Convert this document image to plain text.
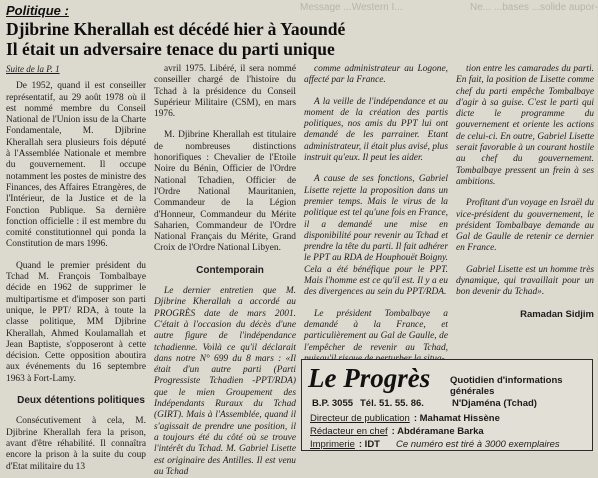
Message ...Western I...	Ne... ...bases ...solide aupor-
Politique :
Djibrine Kherallah est décédé hier à Yaoundé
Il était un adversaire tenace du parti unique
Suite de la P. 1

De 1952, quand il est conseiller représentatif, au 29 août 1978 où il est nommé membre du Conseil National de l'Union issu de la Charte Fondamentale, M. Djibrine Kherallah sera plusieurs fois député à l'Assemblée Nationale et membre du gouvernement. Il occupe notamment les postes de ministre des Finances, des Affaires Etrangères, de l'Intérieur, de la Justice et de la Fonction Publique. Sa dernière fonction officielle : il est membre du comité constitutionnel qui ponda la Constitution de mars 1996.

Quand le premier président du Tchad M. François Tombalbaye décide en 1962 de supprimer le multipartisme et d'imposer son parti unique, le PPT/ RDA, à toute la classe politique, MM Djibrine Kherallah, Ahmed Koulamallah et Jean Baptiste, s'opposeront à cette décision. Cette opposition aboutira aux événements du 16 septembre 1963 à Fort-Lamy.

Deux détentions politiques

Consécutivement à cela, M. Djibrine Kherallah fera la prison, avant d'être réhabilité. Il connaîtra encore la prison à la suite du coup d'Etat militaire du 13

avril 1975. Libéré, il sera nommé conseiller chargé de l'histoire du Tchad à la présidence du Conseil Supérieur Militaire (CSM), en mars 1976.

M. Djibrine Kherallah est titulaire de nombreuses distinctions honorifiques : Chevalier de l'Etoile Noire du Bénin, Officier de l'Ordre National Tchadien, Officier de l'Ordre National Mauritanien, Commandeur de la Légion d'Honneur, Commandeur du Mérite Saharien, Commandeur de l'Ordre National Français du Mérite, Grand Croix de l'Ordre National Libyen.

Contemporain

Le dernier entretien que M. Djibrine Kherallah a accordé au PROGRÈS date de mars 2001. C'était à l'occasion du décès d'une autre figure de l'indépendance tchadienne. Voilà ce qu'il déclarait dans notre N° 699 du 8 mars : «Il était d'un autre parti (Parti Progressiste Tchadien -PPT/RDA) que le mien Groupement des Indépendants Ruraux du Tchad (GIRT). Mais à l'Assemblée, quand il s'agissait de prendre une position, il a toujours été du côté où se trouve l'intérêt du Tchad. M. Gabriel Lisette est originaire des Antilles. Il est venu au Tchad

comme administrateur au Logone, affecté par la France.

A la veille de l'indépendance et au moment de la création des partis politiques, nos amis du PPT lui ont demandé de les parrainer. Etant administrateur, il était plus avisé, plus instruit qu'eux. Il peut les aider.

A cause de ses fonctions, Gabriel Lisette rejette la proposition dans un premier temps. Mais le virus de la politique est tel qu'une fois en France, il a demandé une mise en disponibilité pour revenir au Tchad et prendre la tête du parti. Il fait adhérer le PPT au RDA de Houphouët Boigny. Cela a été bénéfique pour le PPT. Mais l'homme est ce qu'il est. Il y a eu des divergences au sein du PPT/RDA.

Le président Tombalbaye a demandé à la France, et particulièrement au Gal de Gaulle, de l'empêcher de revenir au Tchad,

tion entre les camarades du parti. En fait, la position de Lisette comme chef du parti empêche Tombalbaye d'agir à sa guise. C'est le parti qui dicte le programme du gouvernement et oriente les actions de celui-ci. En outre, Gabriel Lisette serait favorable à un courant hostile au chef du gouvernement. Tombalbaye pressent un frein à ses ambitions.

Profitant d'un voyage en Israël du vice-président du gouvernement, le président Tombalbaye demande au Gal de Gaulle de retenir ce dernier en France.

Gabriel Lisette est un homme très dynamique, qui travaillait pour un bon devenir du Tchad».

Ramadan Sidjim

Le Progrès Quotidien d'informations générales
B.P. 3055 Tél. 51. 55. 86.	N'Djaména (Tchad)
Directeur de publication : Mahamat Hissène
Rédacteur en chef : Abdéramane Barka
Imprimerie : IDT Ce numéro est tiré à 3000 exemplaires
